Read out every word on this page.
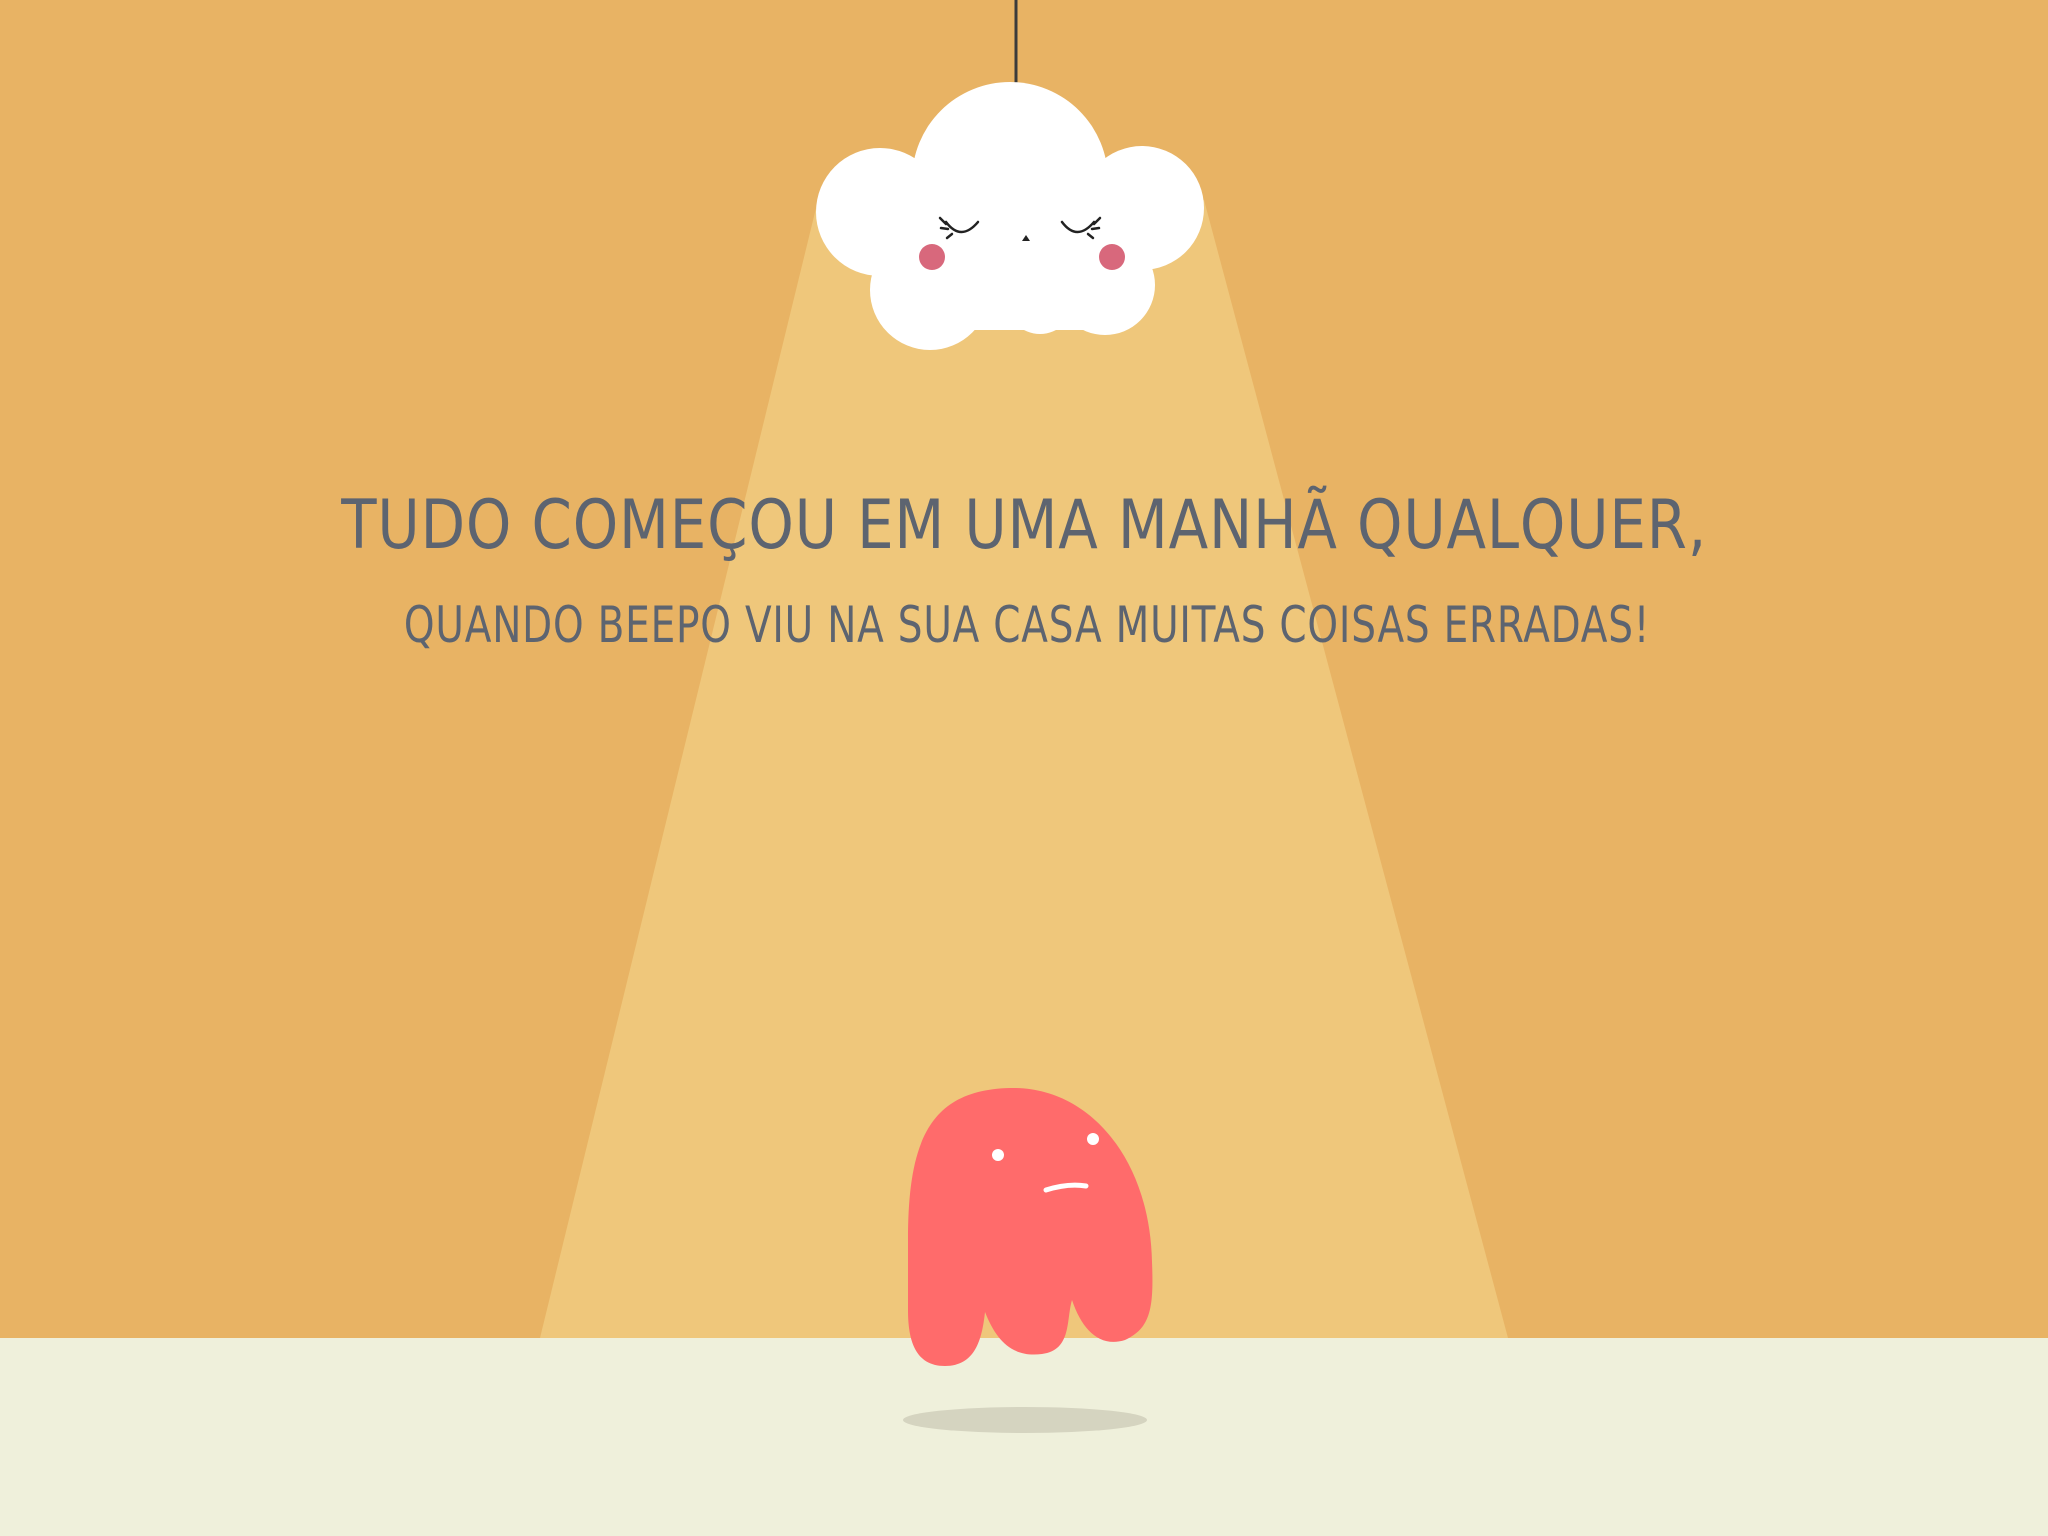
TUDO COMEÇOU EM UMA MANHÃ QUALQUER,
QUANDO BEEPO VIU NA SUA CASA MUITAS COISAS ERRADAS!
